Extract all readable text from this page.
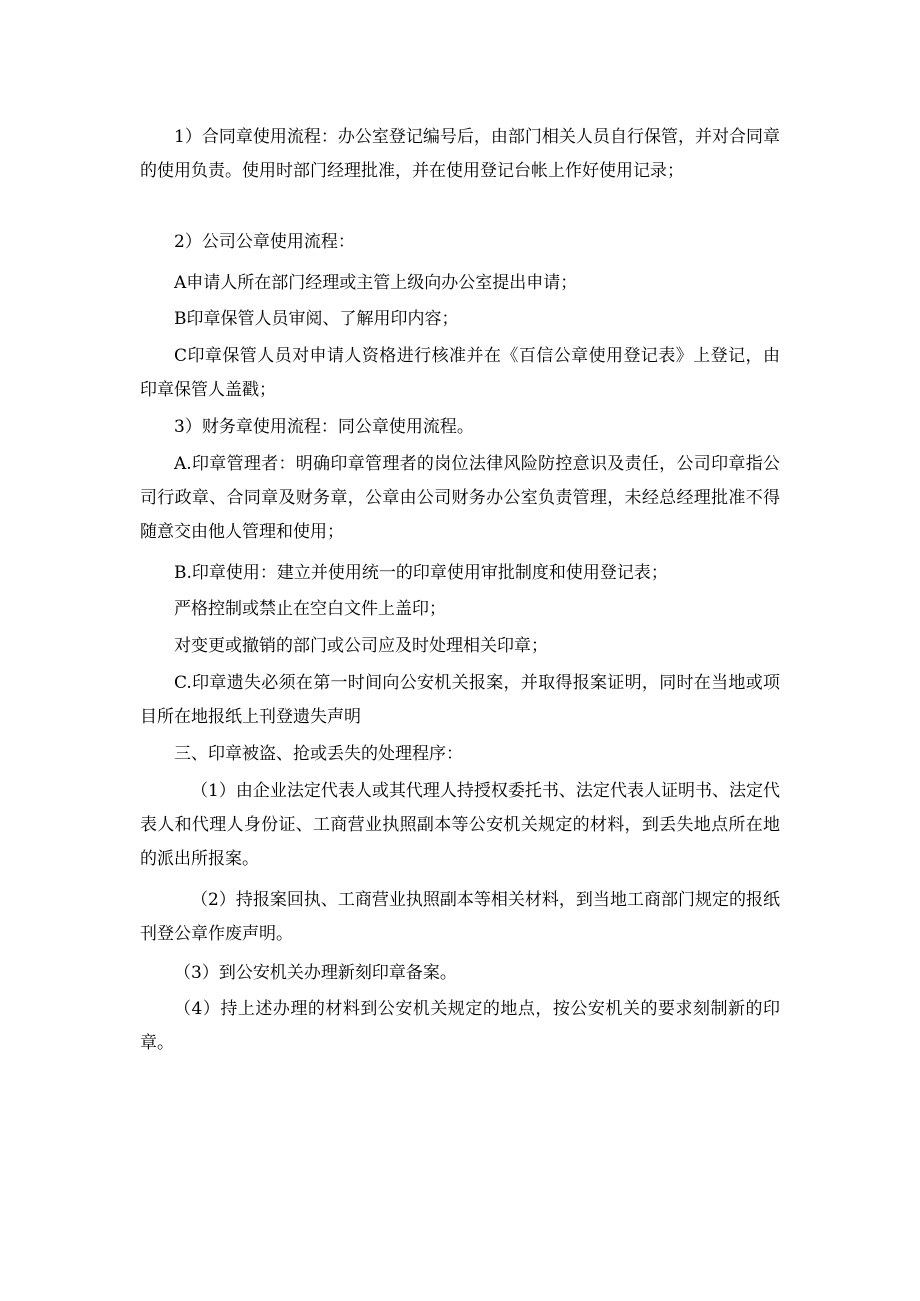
1）合同章使用流程：办公室登记编号后，由部门相关人员自行保管，并对合同章的使用负责。使用时部门经理批准，并在使用登记台帐上作好使用记录；

2）公司公章使用流程：

A申请人所在部门经理或主管上级向办公室提出申请；

B印章保管人员审阅、了解用印内容；

C印章保管人员对申请人资格进行核准并在《百信公章使用登记表》上登记，由印章保管人盖戳；

3）财务章使用流程：同公章使用流程。

A.印章管理者：明确印章管理者的岗位法律风险防控意识及责任，公司印章指公司行政章、合同章及财务章，公章由公司财务办公室负责管理，未经总经理批准不得随意交由他人管理和使用；

B.印章使用：建立并使用统一的印章使用审批制度和使用登记表；

严格控制或禁止在空白文件上盖印；

对变更或撤销的部门或公司应及时处理相关印章；

C.印章遗失必须在第一时间向公安机关报案，并取得报案证明，同时在当地或项目所在地报纸上刊登遗失声明

三、印章被盗、抢或丢失的处理程序：

（1）由企业法定代表人或其代理人持授权委托书、法定代表人证明书、法定代表人和代理人身份证、工商营业执照副本等公安机关规定的材料，到丢失地点所在地的派出所报案。

（2）持报案回执、工商营业执照副本等相关材料，到当地工商部门规定的报纸刊登公章作废声明。

（3）到公安机关办理新刻印章备案。

（4）持上述办理的材料到公安机关规定的地点，按公安机关的要求刻制新的印章。
